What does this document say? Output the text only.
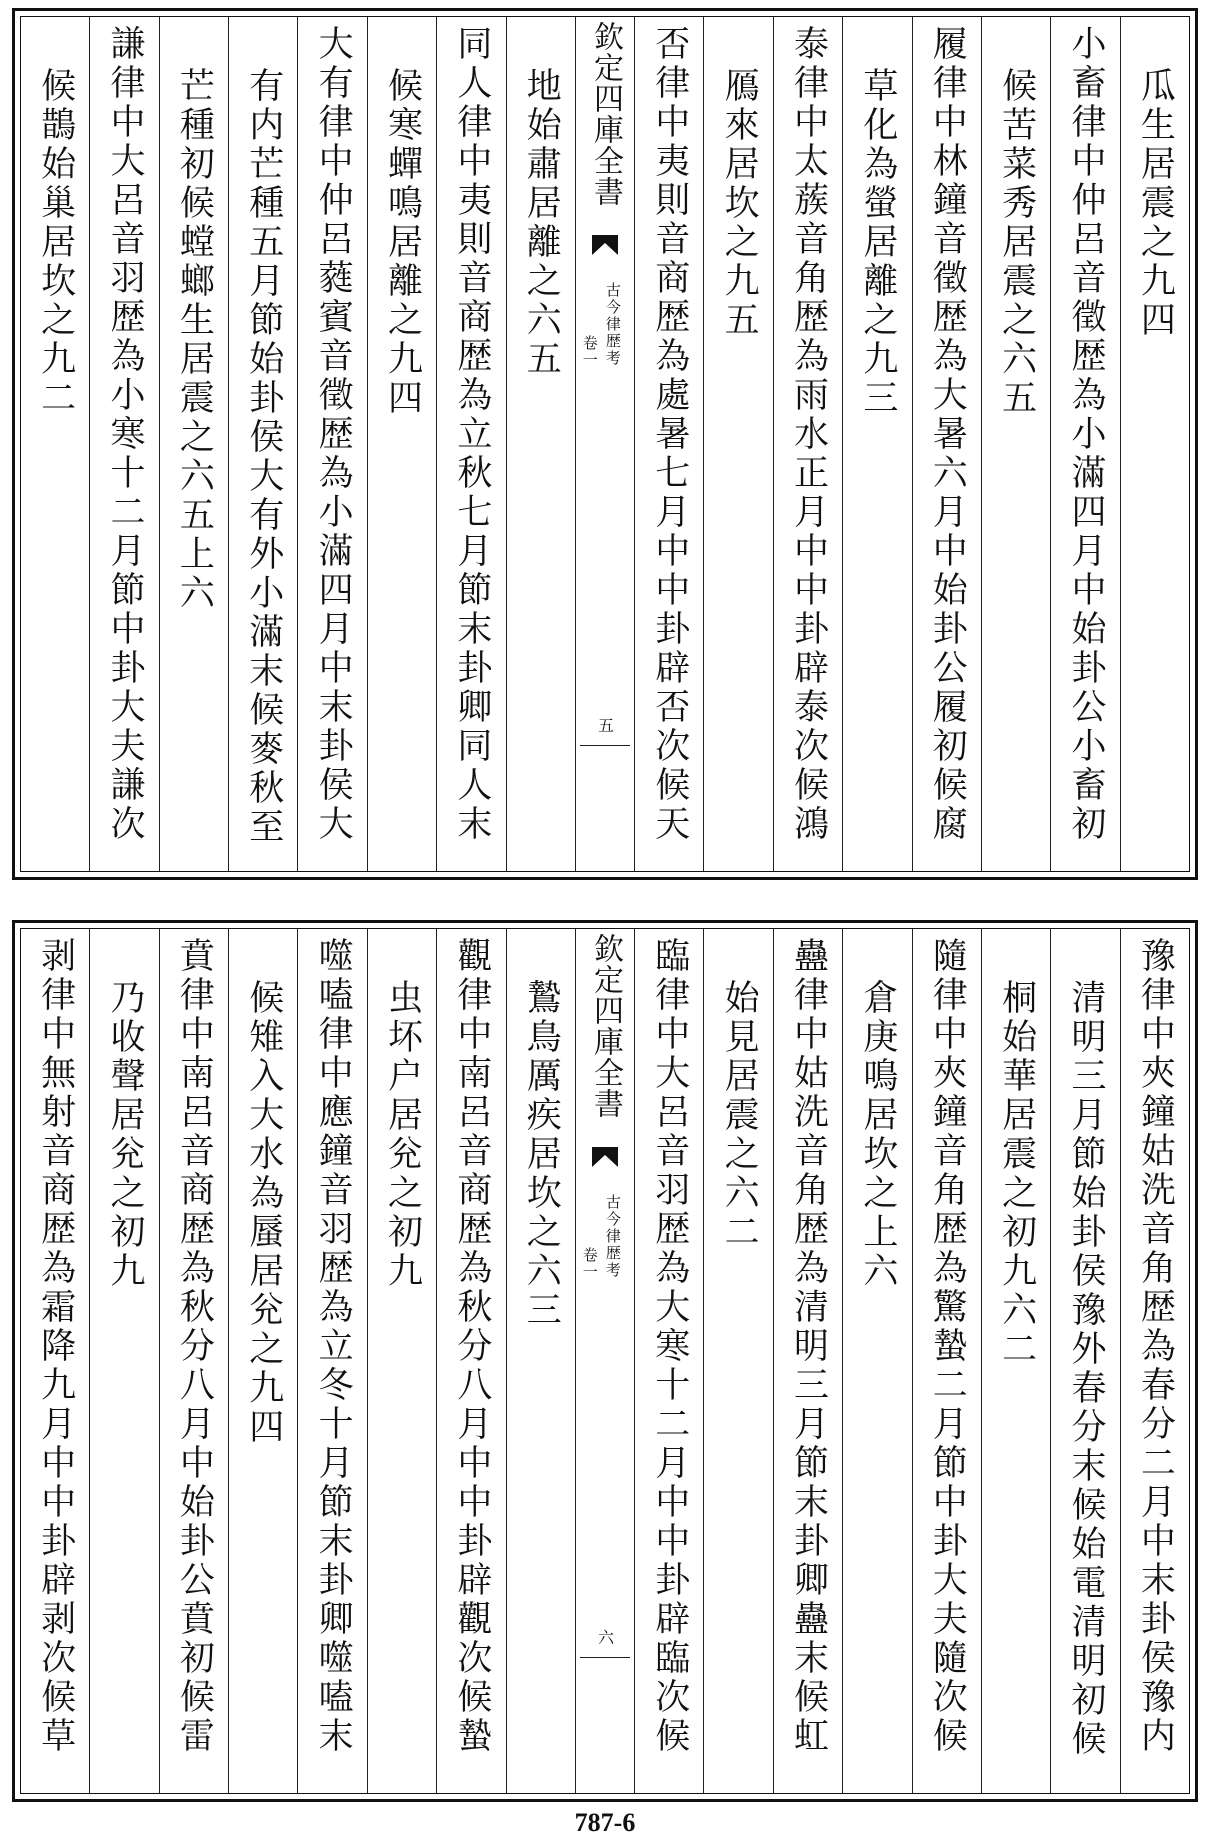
瓜生居震之九四
小畜律中仲呂音徵歴為小滿四月中始卦公小畜初
候苦菜秀居震之六五
履律中林鐘音徵歴為大暑六月中始卦公履初候腐
草化為螢居離之九三
泰律中太蔟音角歴為雨水正月中中卦辟泰次候鴻
鴈來居坎之九五
否律中夷則音商歴為處暑七月中中卦辟否次候天
欽定四庫全書
古今律歴考
卷一
五
地始肅居離之六五
同人律中夷則音商歴為立秋七月節末卦卿同人末
候寒蟬鳴居離之九四
大有律中仲呂蕤賓音徵歴為小滿四月中末卦侯大
有内芒種五月節始卦侯大有外小滿末候麥秋至
芒種初候螳螂生居震之六五上六
謙律中大呂音羽歴為小寒十二月節中卦大夫謙次
候鵲始巢居坎之九二
豫律中夾鐘姑洗音角歴為春分二月中末卦侯豫内
清明三月節始卦侯豫外春分末候始電清明初候
桐始華居震之初九六二
隨律中夾鐘音角歴為驚蟄二月節中卦大夫隨次候
倉庚鳴居坎之上六
蠱律中姑洗音角歴為清明三月節末卦卿蠱末候虹
始見居震之六二
臨律中大呂音羽歴為大寒十二月中中卦辟臨次候
欽定四庫全書
古今律歴考
卷一
六
鷙鳥厲疾居坎之六三
觀律中南呂音商歴為秋分八月中中卦辟觀次候蟄
虫坏户居兊之初九
噬嗑律中應鐘音羽歴為立冬十月節末卦卿噬嗑末
候雉入大水為蜃居兊之九四
賁律中南呂音商歴為秋分八月中始卦公賁初候雷
乃收聲居兊之初九
剥律中無射音商歴為霜降九月中中卦辟剥次候草
787-6
